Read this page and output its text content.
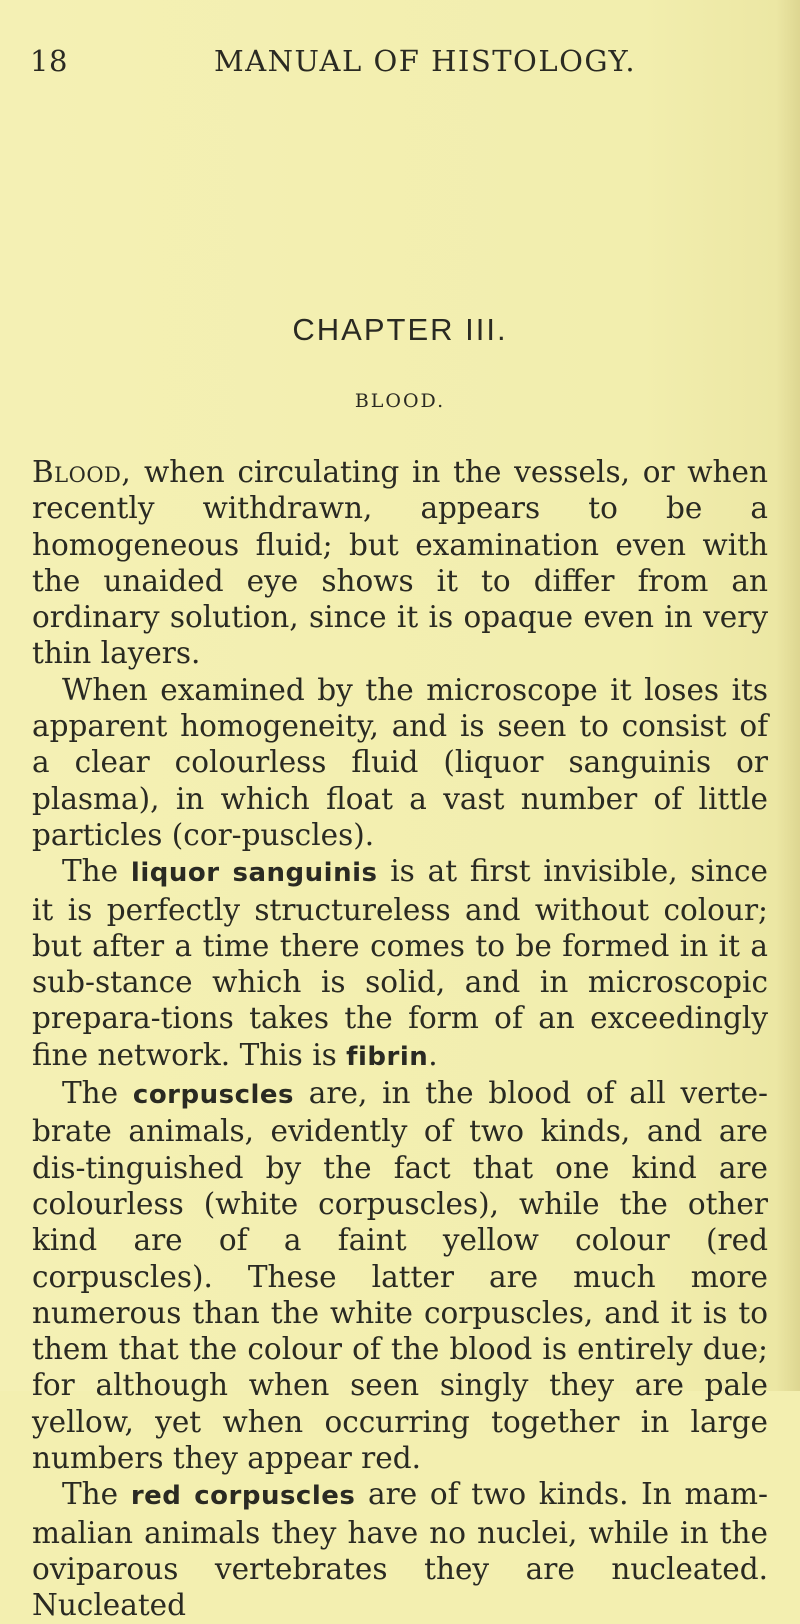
18	MANUAL OF HISTOLOGY.
CHAPTER III.
BLOOD.

Blood, when circulating in the vessels, or when recently withdrawn, appears to be a homogeneous fluid; but examination even with the unaided eye shows it to differ from an ordinary solution, since it is opaque even in very thin layers.

When examined by the microscope it loses its apparent homogeneity, and is seen to consist of a clear colourless fluid (liquor sanguinis or plasma), in which float a vast number of little particles (cor-puscles).

The liquor sanguinis is at first invisible, since it is perfectly structureless and without colour; but after a time there comes to be formed in it a sub-stance which is solid, and in microscopic prepara-tions takes the form of an exceedingly fine network. This is fibrin.

The corpuscles are, in the blood of all verte-brate animals, evidently of two kinds, and are dis-tinguished by the fact that one kind are colourless (white corpuscles), while the other kind are of a faint yellow colour (red corpuscles). These latter are much more numerous than the white corpuscles, and it is to them that the colour of the blood is entirely due; for although when seen singly they are pale yellow, yet when occurring together in large numbers they appear red.

The red corpuscles are of two kinds. In mam-malian animals they have no nuclei, while in the oviparous vertebrates they are nucleated. Nucleated
